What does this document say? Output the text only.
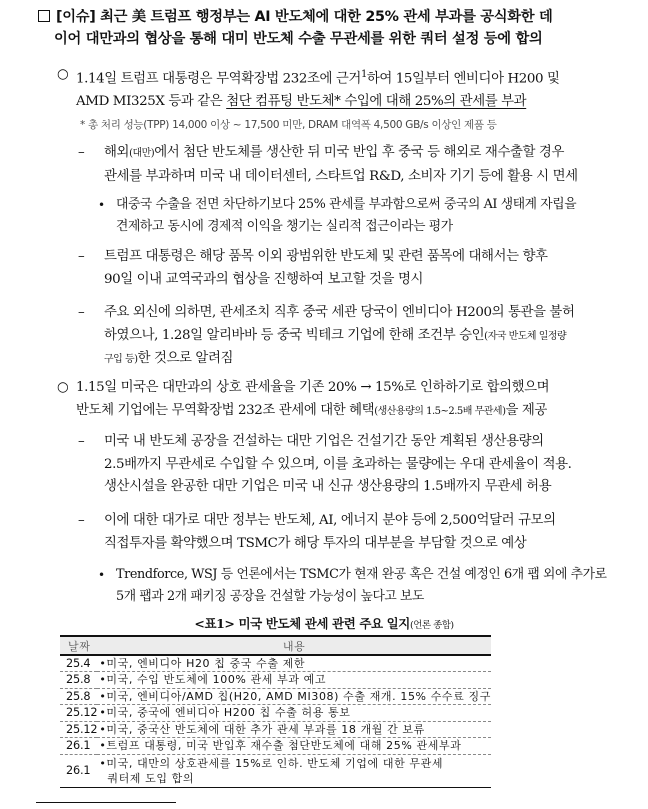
[이슈] 최근 美 트럼프 행정부는 AI 반도체에 대한 25% 관세 부과를 공식화한 데
이어 대만과의 협상을 통해 대미 반도체 수출 무관세를 위한 쿼터 설정 등에 합의
○ 1.14일 트럼프 대통령은 무역확장법 232조에 근거$^1$하여 15일부터 엔비디아 H200 및
AMD MI325X 등과 같은 첨단 컴퓨팅 반도체* 수입에 대해 25%의 관세를 부과
* 총 처리 성능(TPP) 14,000 이상 ~ 17,500 미만, DRAM 대역폭 4,500 GB/s 이상인 제품 등
– 해외(대만)에서 첨단 반도체를 생산한 뒤 미국 반입 후 중국 등 해외로 재수출할 경우
관세를 부과하며 미국 내 데이터센터, 스타트업 R&D, 소비자 기기 등에 활용 시 면세
• 대중국 수출을 전면 차단하기보다 25% 관세를 부과함으로써 중국의 AI 생태계 자립을
견제하고 동시에 경제적 이익을 챙기는 실리적 접근이라는 평가
– 트럼프 대통령은 해당 품목 이외 광범위한 반도체 및 관련 품목에 대해서는 향후
90일 이내 교역국과의 협상을 진행하여 보고할 것을 명시
– 주요 외신에 의하면, 관세조치 직후 중국 세관 당국이 엔비디아 H200의 통관을 불허
하였으나, 1.28일 알리바바 등 중국 빅테크 기업에 한해 조건부 승인(자국 반도체 일정량
구입 등)한 것으로 알려짐
○ 1.15일 미국은 대만과의 상호 관세율을 기존 20% → 15%로 인하하기로 합의했으며
반도체 기업에는 무역확장법 232조 관세에 대한 혜택(생산용량의 1.5~2.5배 무관세)을 제공
– 미국 내 반도체 공장을 건설하는 대만 기업은 건설기간 동안 계획된 생산용량의
2.5배까지 무관세로 수입할 수 있으며, 이를 초과하는 물량에는 우대 관세율이 적용.
생산시설을 완공한 대만 기업은 미국 내 신규 생산용량의 1.5배까지 무관세 허용
– 이에 대한 대가로 대만 정부는 반도체, AI, 에너지 분야 등에 2,500억달러 규모의
직접투자를 확약했으며 TSMC가 해당 투자의 대부분을 부담할 것으로 예상
• Trendforce, WSJ 등 언론에서는 TSMC가 현재 완공 혹은 건설 예정인 6개 팹 외에 추가로
5개 팹과 2개 패키징 공장을 건설할 가능성이 높다고 보도
<표1> 미국 반도체 관세 관련 주요 일지(언론 종합)
날짜	내용
25.4	•미국, 엔비디아 H20 칩 중국 수출 제한
25.8	•미국, 수입 반도체에 100% 관세 부과 예고
25.8	•미국, 엔비디아/AMD 칩(H20, AMD MI308) 수출 재개. 15% 수수료 징구
25.12	•미국, 중국에 엔비디아 H200 칩 수출 허용 통보
25.12	•미국, 중국산 반도체에 대한 추가 관세 부과를 18 개월 간 보류
26.1	•트럼프 대통령, 미국 반입후 재수출 첨단반도체에 대해 25% 관세부과
26.1	•미국, 대만의 상호관세를 15%로 인하. 반도체 기업에 대한 무관세
쿼터제 도입 합의
